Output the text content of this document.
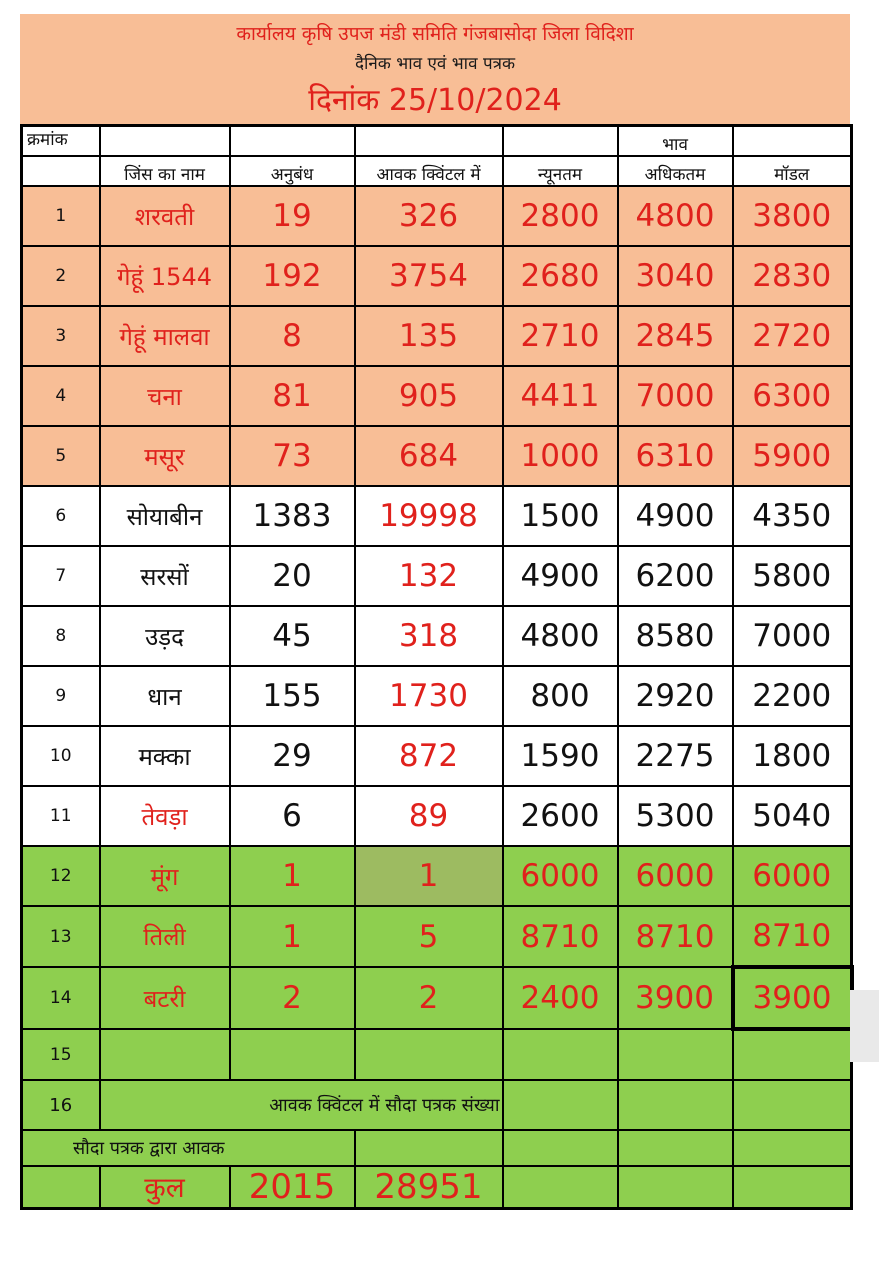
कार्यालय कृषि उपज मंडी समिति गंजबासोदा जिला विदिशा
दैनिक भाव एवं भाव पत्रक
दिनांक 25/10/2024
क्रमांक					भाव	
	जिंस का नाम	अनुबंध	आवक क्विंटल में	न्यूनतम	अधिकतम	मॉडल
1	शरवती	19	326	2800	4800	3800
2	गेहूं 1544	192	3754	2680	3040	2830
3	गेहूं मालवा	8	135	2710	2845	2720
4	चना	81	905	4411	7000	6300
5	मसूर	73	684	1000	6310	5900
6	सोयाबीन	1383	19998	1500	4900	4350
7	सरसों	20	132	4900	6200	5800
8	उड़द	45	318	4800	8580	7000
9	धान	155	1730	800	2920	2200
10	मक्का	29	872	1590	2275	1800
11	तेवड़ा	6	89	2600	5300	5040
12	मूंग	1	1	6000	6000	6000
13	तिली	1	5	8710	8710	8710
14	बटरी	2	2	2400	3900	3900
15						
16	आवक क्विंटल में सौदा पत्रक संख्या					
सौदा पत्रक द्वारा आवक						
	कुल	2015	28951			
